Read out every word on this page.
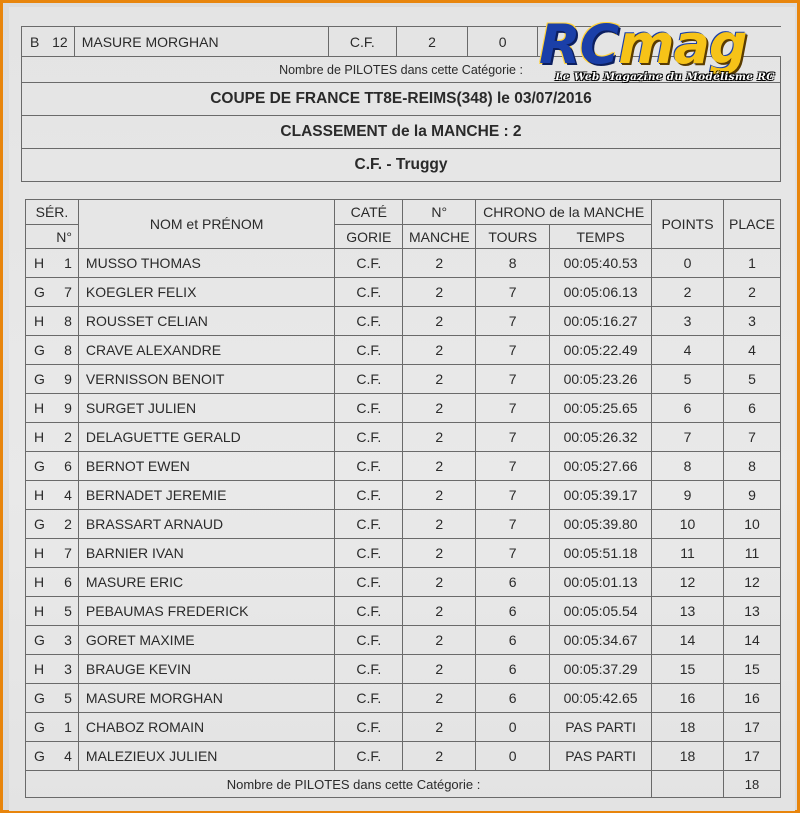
B 12	MASURE MORGHAN	C.F.	2	0	
Nombre de PILOTES dans cette Catégorie :
COUPE DE FRANCE TT8E-REIMS(348) le 03/07/2016
CLASSEMENT de la MANCHE : 2
C.F. - Truggy
SÉR.	NOM et PRÉNOM	CATÉ	N°	CHRONO de la MANCHE		POINTS	PLACE
N°		GORIE	MANCHE	TOURS	TEMPS		

H 1	MUSSO THOMAS	C.F.	2	8	00:05:40.53	0	1

G 7	KOEGLER FELIX	C.F.	2	7	00:05:06.13	2	2

H 8	ROUSSET CELIAN	C.F.	2	7	00:05:16.27	3	3

G 8	CRAVE ALEXANDRE	C.F.	2	7	00:05:22.49	4	4

G 9	VERNISSON BENOIT	C.F.	2	7	00:05:23.26	5	5

H 9	SURGET JULIEN	C.F.	2	7	00:05:25.65	6	6

H 2	DELAGUETTE GERALD	C.F.	2	7	00:05:26.32	7	7

G 6	BERNOT EWEN	C.F.	2	7	00:05:27.66	8	8

H 4	BERNADET JEREMIE	C.F.	2	7	00:05:39.17	9	9

G 2	BRASSART ARNAUD	C.F.	2	7	00:05:39.80	10	10

H 7	BARNIER IVAN	C.F.	2	7	00:05:51.18	11	11

H 6	MASURE ERIC	C.F.	2	6	00:05:01.13	12	12

H 5	PEBAUMAS FREDERICK	C.F.	2	6	00:05:05.54	13	13

G 3	GORET MAXIME	C.F.	2	6	00:05:34.67	14	14

H 3	BRAUGE KEVIN	C.F.	2	6	00:05:37.29	15	15

G 5	MASURE MORGHAN	C.F.	2	6	00:05:42.65	16	16

G 1	CHABOZ ROMAIN	C.F.	2	0	PAS PARTI	18	17

G 4	MALEZIEUX JULIEN	C.F.	2	0	PAS PARTI	18	17
Nombre de PILOTES dans cette Catégorie :							18
RCmag
Le Web Magazine du Modélisme RC
